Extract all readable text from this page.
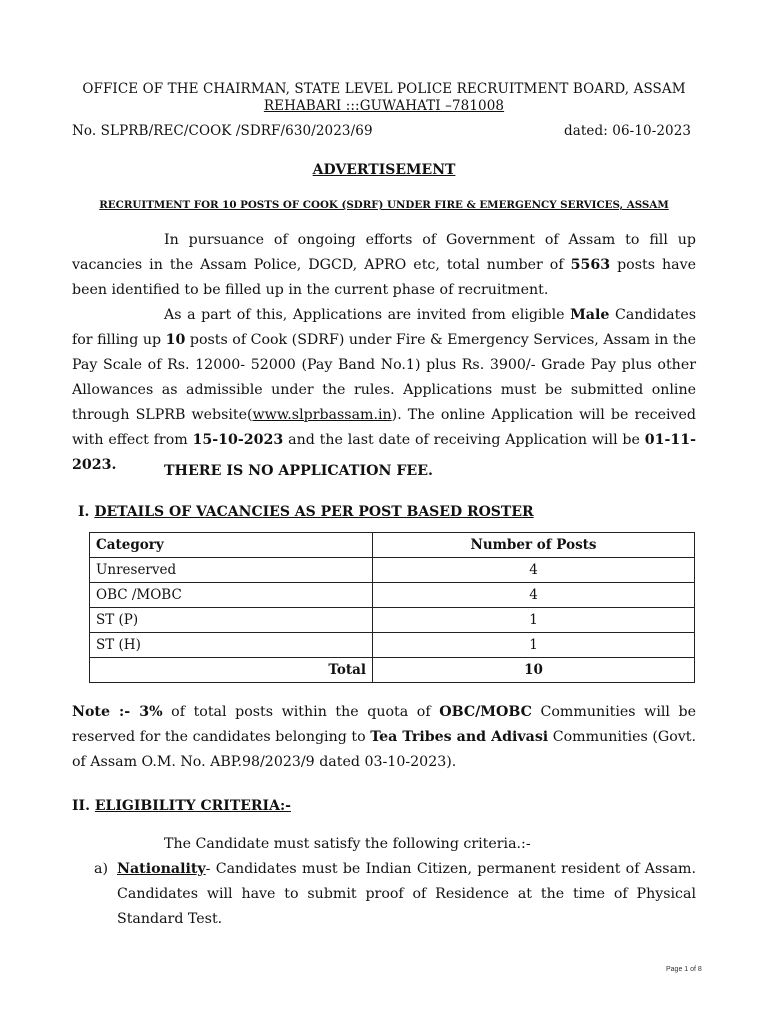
OFFICE OF THE CHAIRMAN, STATE LEVEL POLICE RECRUITMENT BOARD, ASSAM
REHABARI :::GUWAHATI –781008
No. SLPRB/REC/COOK /SDRF/630/2023/69	dated: 06-10-2023
ADVERTISEMENT
RECRUITMENT FOR 10 POSTS OF COOK (SDRF) UNDER FIRE & EMERGENCY SERVICES, ASSAM
In pursuance of ongoing efforts of Government of Assam to fill up vacancies in the Assam Police, DGCD, APRO etc, total number of 5563 posts have been identified to be filled up in the current phase of recruitment.
As a part of this, Applications are invited from eligible Male Candidates for filling up 10 posts of Cook (SDRF) under Fire & Emergency Services, Assam in the Pay Scale of Rs. 12000- 52000 (Pay Band No.1) plus Rs. 3900/- Grade Pay plus other Allowances as admissible under the rules. Applications must be submitted online through SLPRB website(www.slprbassam.in). The online Application will be received with effect from 15-10-2023 and the last date of receiving Application will be 01-11-2023.	THERE IS NO APPLICATION FEE.
I. DETAILS OF VACANCIES AS PER POST BASED ROSTER
Category	Number of Posts
Unreserved	4
OBC /MOBC	4
ST (P)	1
ST (H)	1
Total	10
Note :- 3% of total posts within the quota of OBC/MOBC Communities will be reserved for the candidates belonging to Tea Tribes and Adivasi Communities (Govt. of Assam O.M. No. ABP.98/2023/9 dated 03-10-2023).
II. ELIGIBILITY CRITERIA:-
The Candidate must satisfy the following criteria.:-
a) Nationality- Candidates must be Indian Citizen, permanent resident of Assam. Candidates will have to submit proof of Residence at the time of Physical Standard Test.
Page 1 of 8
